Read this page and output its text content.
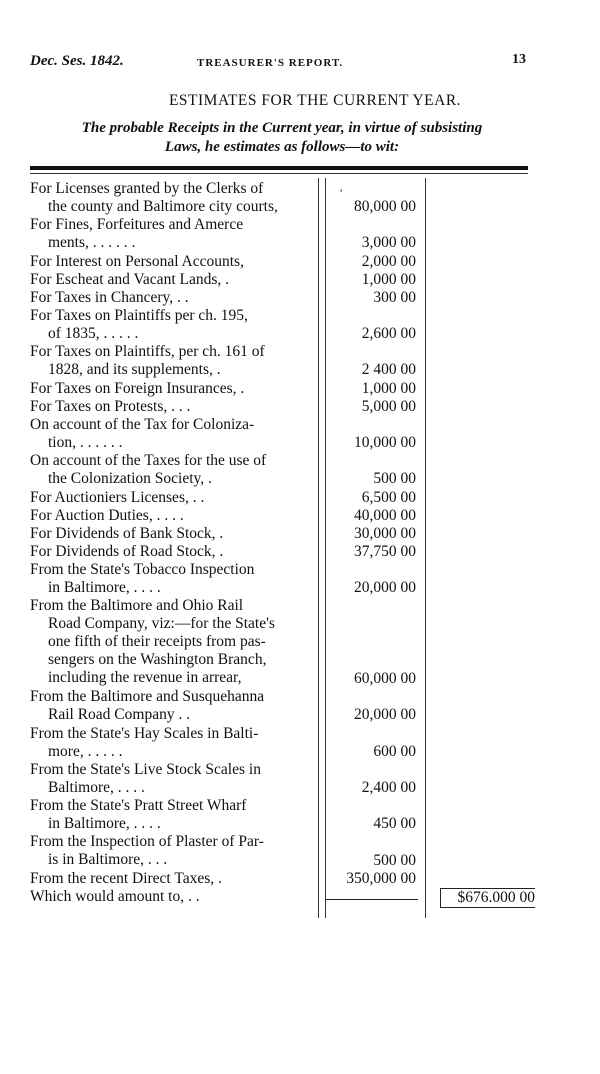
Dec. Ses. 1842.	TREASURER'S REPORT.	13
ESTIMATES FOR THE CURRENT YEAR.
The probable Receipts in the Current year, in virtue of subsisting
Laws, he estimates as follows—to wit:
′
For Licenses granted by the Clerks of
the county and Baltimore city courts,	80,000 00
For Fines, Forfeitures and Amerce
ments, . . . . . .	3,000 00
For Interest on Personal Accounts,	2,000 00
For Escheat and Vacant Lands, .	1,000 00
For Taxes in Chancery, . .	300 00
For Taxes on Plaintiffs per ch. 195,
of 1835, . . . . .	2,600 00
For Taxes on Plaintiffs, per ch. 161 of
1828, and its supplements, .	2 400 00
For Taxes on Foreign Insurances, .	1,000 00
For Taxes on Protests, . . .	5,000 00
On account of the Tax for Coloniza-
tion, . . . . . .	10,000 00
On account of the Taxes for the use of
the Colonization Society, .	500 00
For Auctioniers Licenses, . .	6,500 00
For Auction Duties, . . . .	40,000 00
For Dividends of Bank Stock, .	30,000 00
For Dividends of Road Stock, .	37,750 00
From the State's Tobacco Inspection
in Baltimore, . . . .	20,000 00
From the Baltimore and Ohio Rail
Road Company, viz:—for the State's
one fifth of their receipts from pas-
sengers on the Washington Branch,
including the revenue in arrear,	60,000 00
From the Baltimore and Susquehanna
Rail Road Company . .	20,000 00
From the State's Hay Scales in Balti-
more, . . . . .	600 00
From the State's Live Stock Scales in
Baltimore, . . . .	2,400 00
From the State's Pratt Street Wharf
in Baltimore, . . . .	450 00
From the Inspection of Plaster of Par-
is in Baltimore, . . .	500 00
From the recent Direct Taxes, .	350,000 00
Which would amount to, . .	$676.000 00
